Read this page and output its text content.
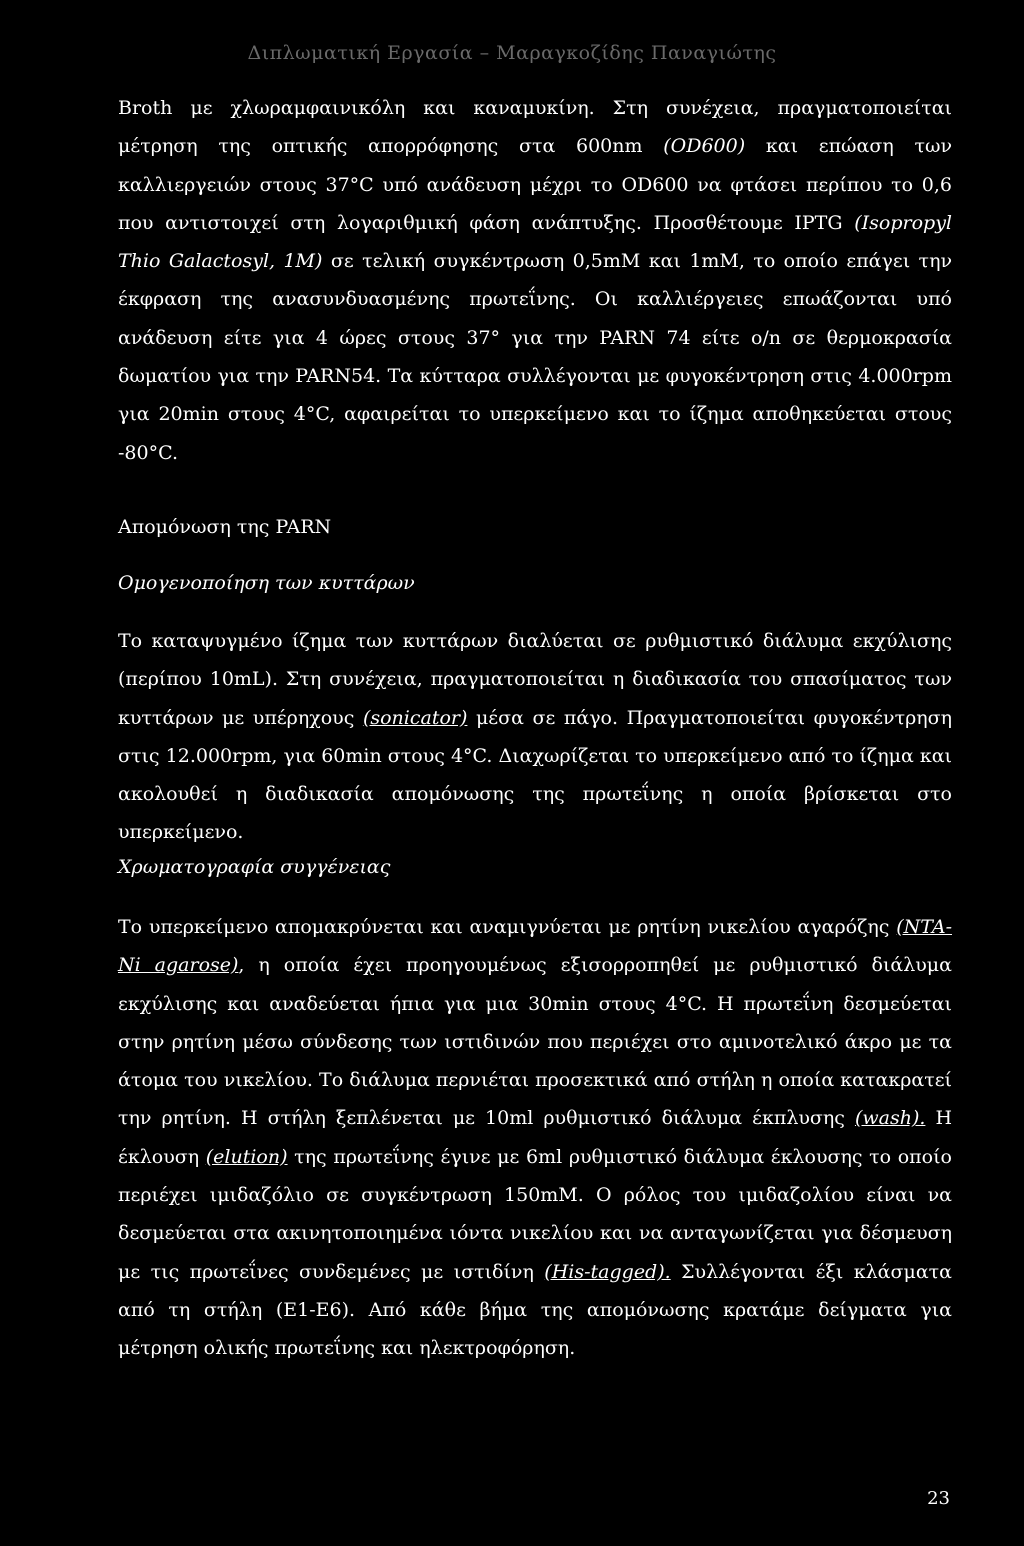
Διπλωματική Εργασία – Μαραγκοζίδης Παναγιώτης

Broth με χλωραμφαινικόλη και καναμυκίνη. Στη συνέχεια, πραγματοποιείται μέτρηση της οπτικής απορρόφησης στα 600nm (OD600) και επώαση των καλλιεργειών στους 37°C υπό ανάδευση μέχρι το OD600 να φτάσει περίπου το 0,6 που αντιστοιχεί στη λογαριθμική φάση ανάπτυξης. Προσθέτουμε IPTG (Isopropyl Thio Galactosyl, 1M) σε τελική συγκέντρωση 0,5mM και 1mM, το οποίο επάγει την έκφραση της ανασυνδυασμένης πρωτεΐνης. Οι καλλιέργειες επωάζονται υπό ανάδευση είτε για 4 ώρες στους 37° για την PARN 74 είτε o/n σε θερμοκρασία δωματίου για την PARN54. Τα κύτταρα συλλέγονται με φυγοκέντρηση στις 4.000rpm για 20min στους 4°C, αφαιρείται το υπερκείμενο και το ίζημα αποθηκεύεται στους -80°C.

Απομόνωση της PARN

Ομογενοποίηση των κυττάρων

Το καταψυγμένο ίζημα των κυττάρων διαλύεται σε ρυθμιστικό διάλυμα εκχύλισης (περίπου 10mL). Στη συνέχεια, πραγματοποιείται η διαδικασία του σπασίματος των κυττάρων με υπέρηχους (sonicator) μέσα σε πάγο. Πραγματοποιείται φυγοκέντρηση στις 12.000rpm, για 60min στους 4°C. Διαχωρίζεται το υπερκείμενο από το ίζημα και ακολουθεί η διαδικασία απομόνωσης της πρωτεΐνης η οποία βρίσκεται στο υπερκείμενο.

Χρωματογραφία συγγένειας

Το υπερκείμενο απομακρύνεται και αναμιγνύεται με ρητίνη νικελίου αγαρόζης (NTA-Ni agarose), η οποία έχει προηγουμένως εξισορροπηθεί με ρυθμιστικό διάλυμα εκχύλισης και αναδεύεται ήπια για μια 30min στους 4°C. Η πρωτεΐνη δεσμεύεται στην ρητίνη μέσω σύνδεσης των ιστιδινών που περιέχει στο αμινοτελικό άκρο με τα άτομα του νικελίου. Το διάλυμα περνιέται προσεκτικά από στήλη η οποία κατακρατεί την ρητίνη. Η στήλη ξεπλένεται με 10ml ρυθμιστικό διάλυμα έκπλυσης (wash). Η έκλουση (elution) της πρωτεΐνης έγινε με 6ml ρυθμιστικό διάλυμα έκλουσης το οποίο περιέχει ιμιδαζόλιο σε συγκέντρωση 150mM. Ο ρόλος του ιμιδαζολίου είναι να δεσμεύεται στα ακινητοποιημένα ιόντα νικελίου και να ανταγωνίζεται για δέσμευση με τις πρωτεΐνες συνδεμένες με ιστιδίνη (His-tagged). Συλλέγονται έξι κλάσματα από τη στήλη (E1-E6). Από κάθε βήμα της απομόνωσης κρατάμε δείγματα για μέτρηση ολικής πρωτεΐνης και ηλεκτροφόρηση.

23
